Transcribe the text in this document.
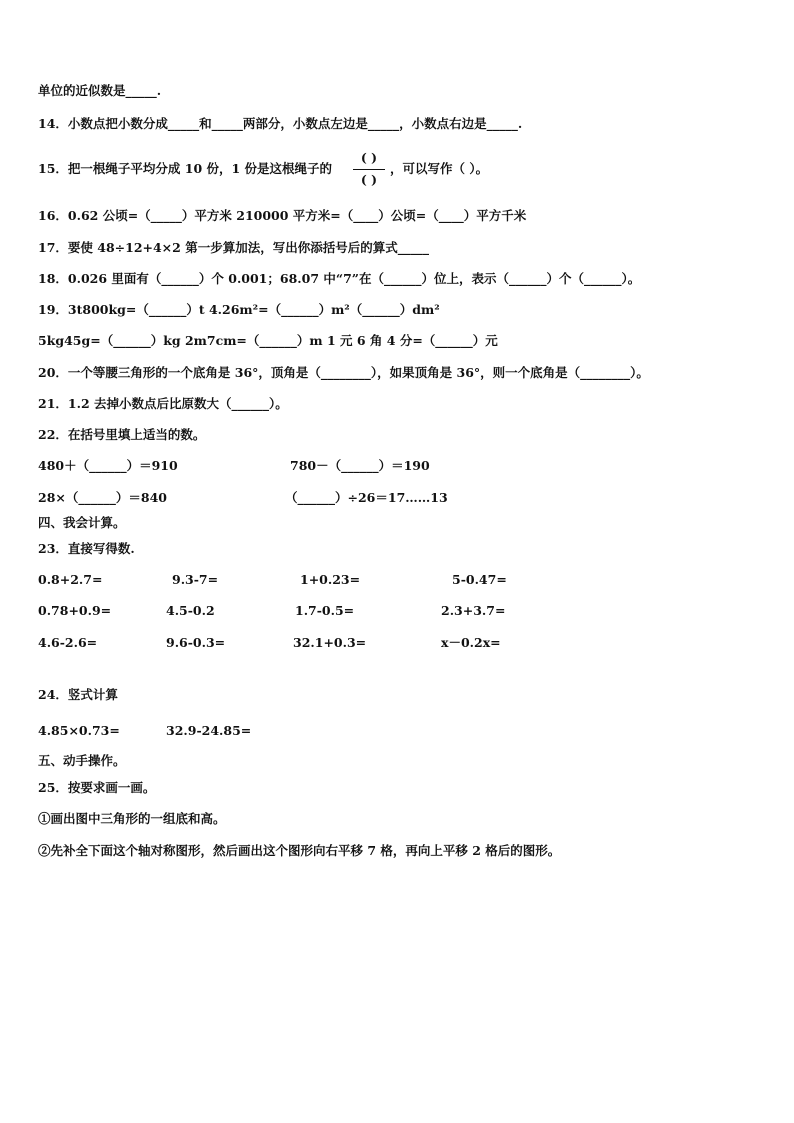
单位的近似数是_____.
14．小数点把小数分成_____和_____两部分，小数点左边是_____，小数点右边是_____.
15．把一根绳子平均分成 10 份，1 份是这根绳子的
( )
( )
，可以写作（ ）。
16．0.62 公顷=（_____）平方米 210000 平方米=（____）公顷=（____）平方千米
17．要使 48÷12+4×2 第一步算加法，写出你添括号后的算式_____
18．0.026 里面有（______）个 0.001；68.07 中“7”在（______）位上，表示（______）个（______）。
19．3t800kg=（______）t 4.26m²=（______）m²（______）dm²
5kg45g=（______）kg 2m7cm=（______）m 1 元 6 角 4 分=（______）元
20．一个等腰三角形的一个底角是 36°，顶角是（________），如果顶角是 36°，则一个底角是（________）。
21．1.2 去掉小数点后比原数大（______）。
22．在括号里填上适当的数。
480＋（______）＝910	780－（______）＝190
28×（______）＝840	（______）÷26＝17……13
四、我会计算。
23．直接写得数.
0.8+2.7=	9.3-7=	1+0.23=	5-0.47=
0.78+0.9=	4.5-0.2	1.7-0.5=	2.3+3.7=
4.6-2.6=	9.6-0.3=	32.1+0.3=	x－0.2x=
24．竖式计算
4.85×0.73=	32.9-24.85=
五、动手操作。
25．按要求画一画。
①画出图中三角形的一组底和高。
②先补全下面这个轴对称图形，然后画出这个图形向右平移 7 格，再向上平移 2 格后的图形。
